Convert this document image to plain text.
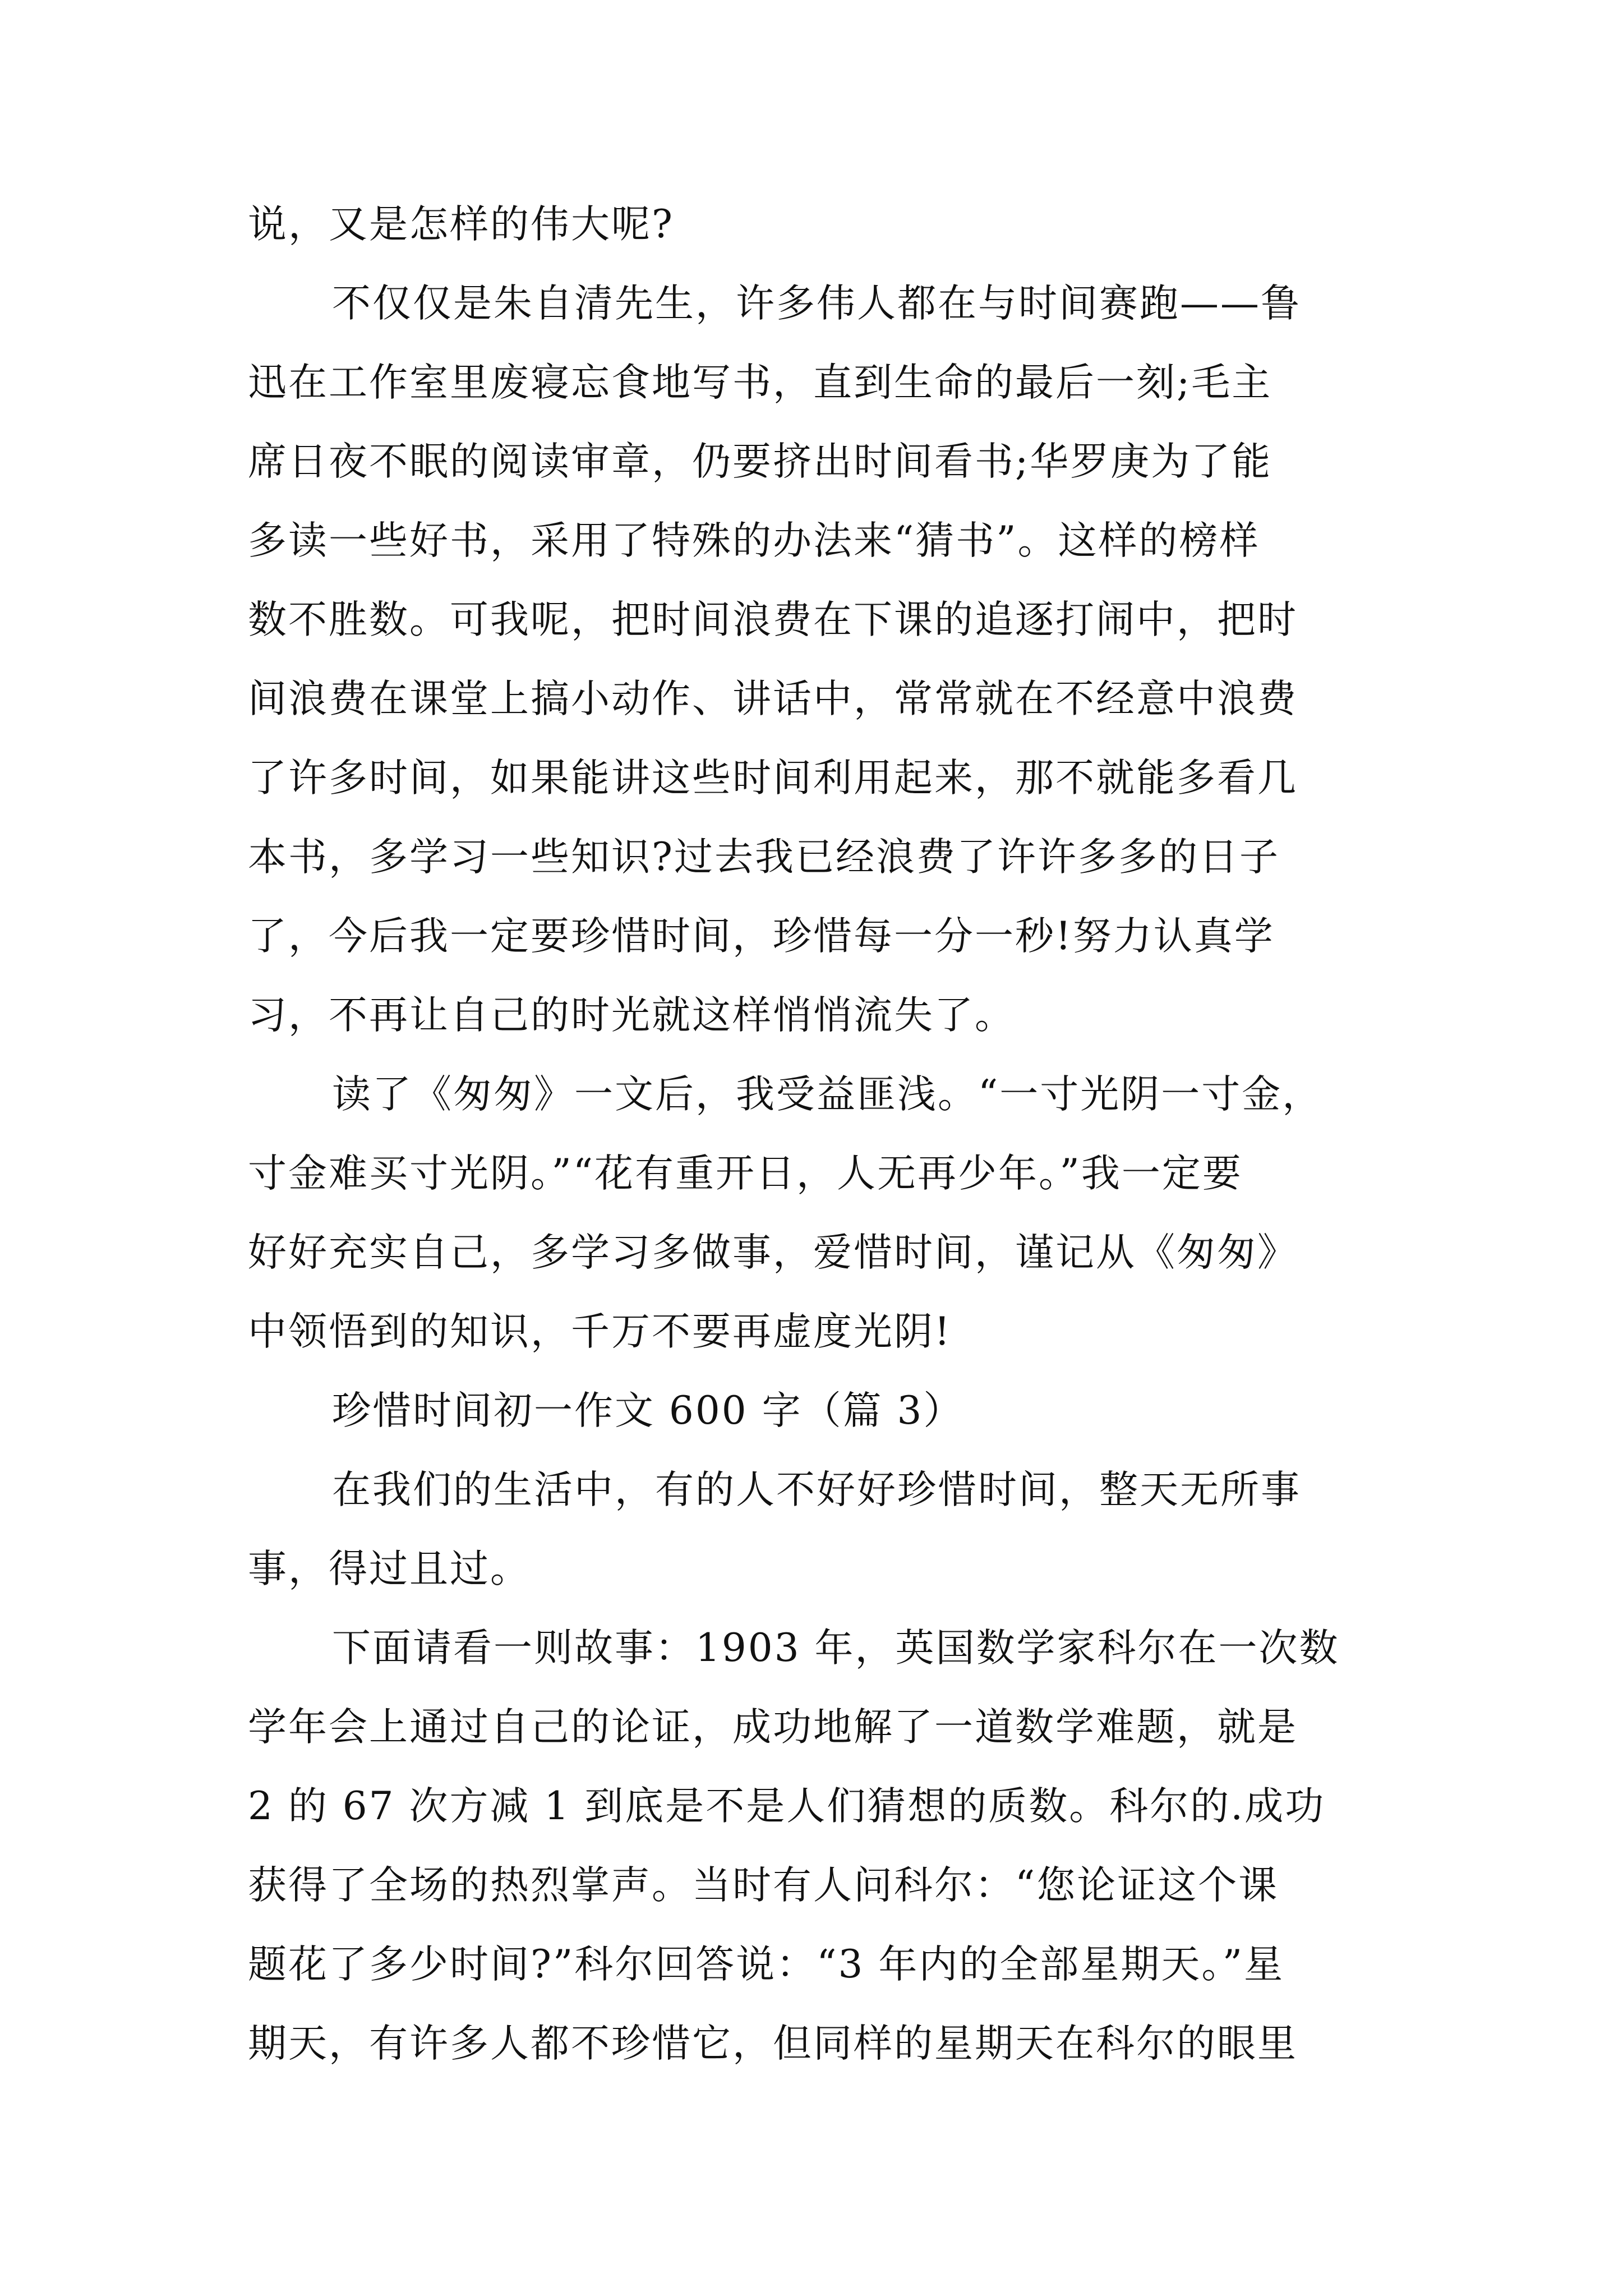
说，又是怎样的伟大呢?
不仅仅是朱自清先生，许多伟人都在与时间赛跑——鲁
迅在工作室里废寝忘食地写书，直到生命的最后一刻;毛主
席日夜不眠的阅读审章，仍要挤出时间看书;华罗庚为了能
多读一些好书，采用了特殊的办法来“猜书”。这样的榜样
数不胜数。可我呢，把时间浪费在下课的追逐打闹中，把时
间浪费在课堂上搞小动作、讲话中，常常就在不经意中浪费
了许多时间，如果能讲这些时间利用起来，那不就能多看几
本书，多学习一些知识?过去我已经浪费了许许多多的日子
了，今后我一定要珍惜时间，珍惜每一分一秒!努力认真学
习，不再让自己的时光就这样悄悄流失了。
读了《匆匆》一文后，我受益匪浅。“一寸光阴一寸金，
寸金难买寸光阴。”“花有重开日，人无再少年。”我一定要
好好充实自己，多学习多做事，爱惜时间，谨记从《匆匆》
中领悟到的知识，千万不要再虚度光阴!
珍惜时间初一作文 600 字（篇 3）
在我们的生活中，有的人不好好珍惜时间，整天无所事
事，得过且过。
下面请看一则故事：1903 年，英国数学家科尔在一次数
学年会上通过自己的论证，成功地解了一道数学难题，就是
2 的 67 次方减 1 到底是不是人们猜想的质数。科尔的.成功
获得了全场的热烈掌声。当时有人问科尔：“您论证这个课
题花了多少时间?”科尔回答说：“3 年内的全部星期天。”星
期天，有许多人都不珍惜它，但同样的星期天在科尔的眼里
